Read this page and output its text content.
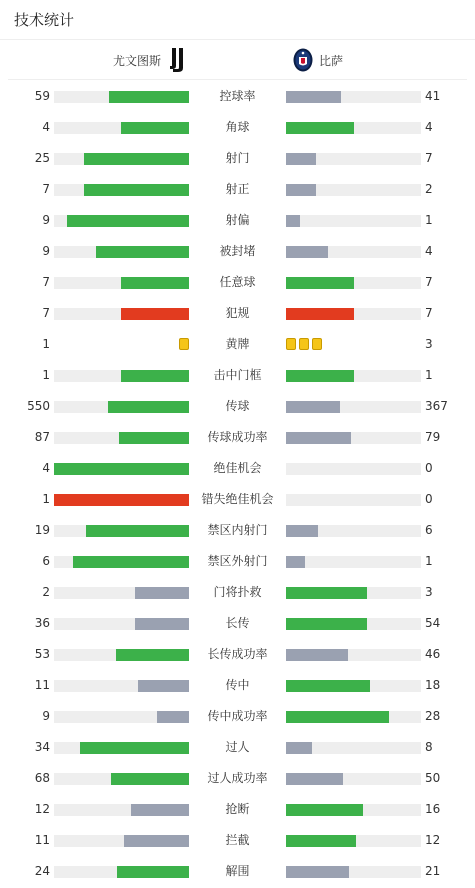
技术统计
尤文图斯	比萨
59	控球率	41
4	角球	4
25	射门	7
7	射正	2
9	射偏	1
9	被封堵	4
7	任意球	7
7	犯规	7
1	黄牌	3
1	击中门框	1
550	传球	367
87	传球成功率	79
4	绝佳机会	0
1	错失绝佳机会	0
19	禁区内射门	6
6	禁区外射门	1
2	门将扑救	3
36	长传	54
53	长传成功率	46
11	传中	18
9	传中成功率	28
34	过人	8
68	过人成功率	50
12	抢断	16
11	拦截	12
24	解围	21
